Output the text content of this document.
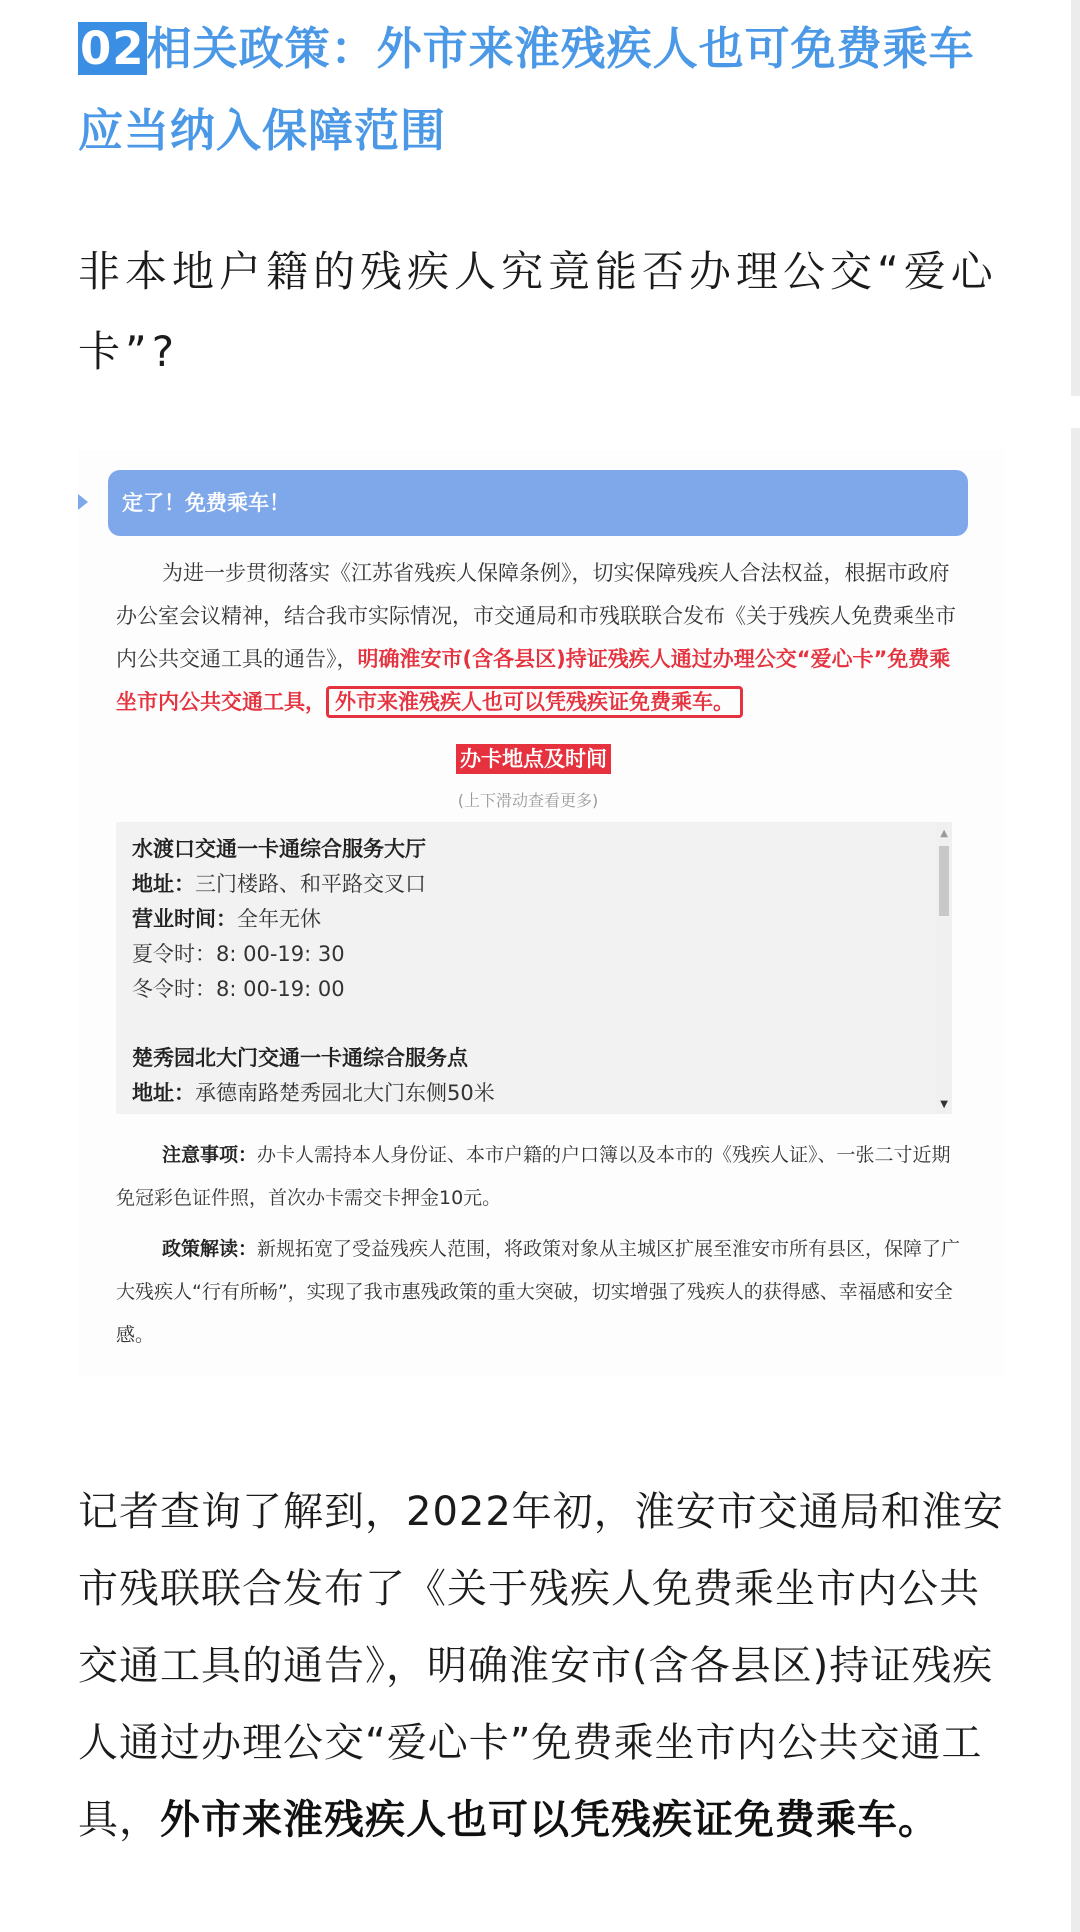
02相关政策：外市来淮残疾人也可免费乘车应当纳入保障范围

非本地户籍的残疾人究竟能否办理公交“爱心卡”?

定了！免费乘车！

为进一步贯彻落实《江苏省残疾人保障条例》，切实保障残疾人合法权益，根据市政府办公室会议精神，结合我市实际情况，市交通局和市残联联合发布《关于残疾人免费乘坐市内公共交通工具的通告》，明确淮安市(含各县区)持证残疾人通过办理公交“爱心卡”免费乘坐市内公共交通工具， 外市来淮残疾人也可以凭残疾证免费乘车。

办卡地点及时间
(上下滑动查看更多)
水渡口交通一卡通综合服务大厅
地址：三门楼路、和平路交叉口
营业时间：全年无休
夏令时：8: 00-19: 30
冬令时：8: 00-19: 00
楚秀园北大门交通一卡通综合服务点
地址：承德南路楚秀园北大门东侧50米
▲
▼

注意事项：办卡人需持本人身份证、本市户籍的户口簿以及本市的《残疾人证》、一张二寸近期免冠彩色证件照，首次办卡需交卡押金10元。

政策解读：新规拓宽了受益残疾人范围，将政策对象从主城区扩展至淮安市所有县区，保障了广大残疾人“行有所畅”，实现了我市惠残政策的重大突破，切实增强了残疾人的获得感、幸福感和安全感。

记者查询了解到，2022年初，淮安市交通局和淮安市残联联合发布了《关于残疾人免费乘坐市内公共交通工具的通告》，明确淮安市(含各县区)持证残疾人通过办理公交“爱心卡”免费乘坐市内公共交通工具，外市来淮残疾人也可以凭残疾证免费乘车。
